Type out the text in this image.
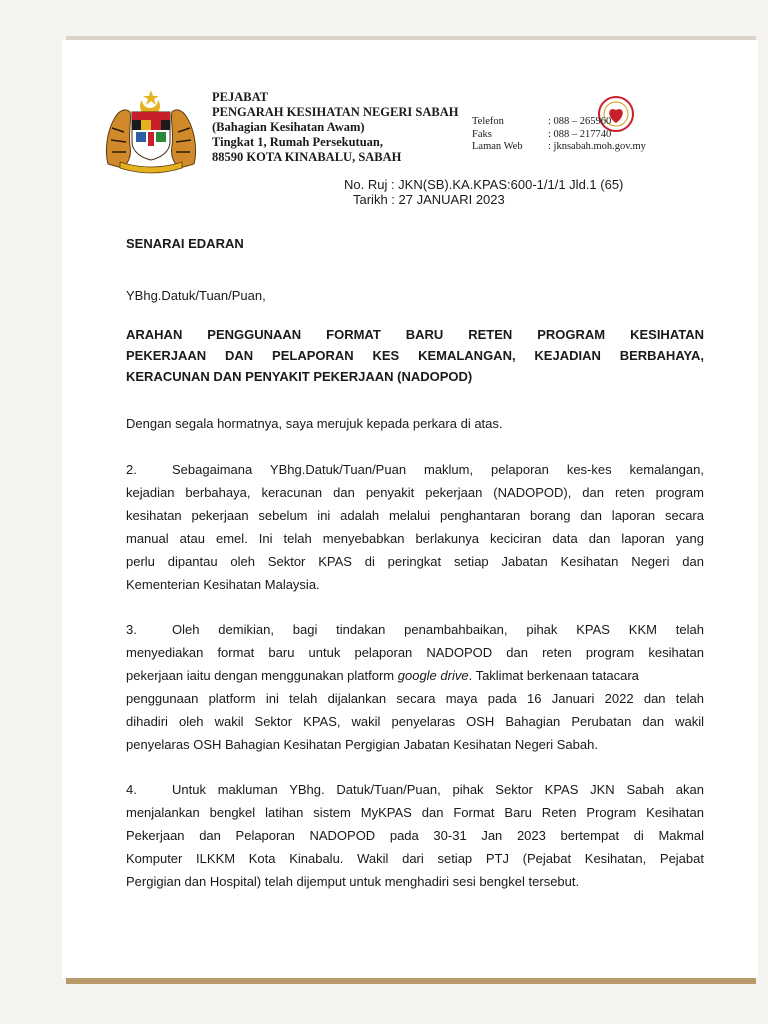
PEJABAT
PENGARAH KESIHATAN NEGERI SABAH
(Bahagian Kesihatan Awam)
Tingkat 1, Rumah Persekutuan,
88590 KOTA KINABALU, SABAH
Telefon	: 088 – 265960
Faks	: 088 – 217740
Laman Web	: jknsabah.moh.gov.my
No. Ruj : JKN(SB).KA.KPAS:600-1/1/1 Jld.1 (65)
Tarikh : 27 JANUARI 2023
SENARAI EDARAN
YBhg.Datuk/Tuan/Puan,
ARAHAN PENGGUNAAN FORMAT BARU RETEN PROGRAM KESIHATAN
PEKERJAAN DAN PELAPORAN KES KEMALANGAN, KEJADIAN BERBAHAYA,
KERACUNAN DAN PENYAKIT PEKERJAAN (NADOPOD)
Dengan segala hormatnya, saya merujuk kepada perkara di atas.
2.	Sebagaimana YBhg.Datuk/Tuan/Puan maklum, pelaporan kes-kes kemalangan,
kejadian berbahaya, keracunan dan penyakit pekerjaan (NADOPOD), dan reten program
kesihatan pekerjaan sebelum ini adalah melalui penghantaran borang dan laporan secara
manual atau emel. Ini telah menyebabkan berlakunya keciciran data dan laporan yang
perlu dipantau oleh Sektor KPAS di peringkat setiap Jabatan Kesihatan Negeri dan
Kementerian Kesihatan Malaysia.
3.	Oleh demikian, bagi tindakan penambahbaikan, pihak KPAS KKM telah
menyediakan format baru untuk pelaporan NADOPOD dan reten program kesihatan
pekerjaan iaitu dengan menggunakan platform google drive. Taklimat berkenaan tatacara
penggunaan platform ini telah dijalankan secara maya pada 16 Januari 2022 dan telah
dihadiri oleh wakil Sektor KPAS, wakil penyelaras OSH Bahagian Perubatan dan wakil
penyelaras OSH Bahagian Kesihatan Pergigian Jabatan Kesihatan Negeri Sabah.
4.	Untuk makluman YBhg. Datuk/Tuan/Puan, pihak Sektor KPAS JKN Sabah akan
menjalankan bengkel latihan sistem MyKPAS dan Format Baru Reten Program Kesihatan
Pekerjaan dan Pelaporan NADOPOD pada 30-31 Jan 2023 bertempat di Makmal
Komputer ILKKM Kota Kinabalu. Wakil dari setiap PTJ (Pejabat Kesihatan, Pejabat
Pergigian dan Hospital) telah dijemput untuk menghadiri sesi bengkel tersebut.
